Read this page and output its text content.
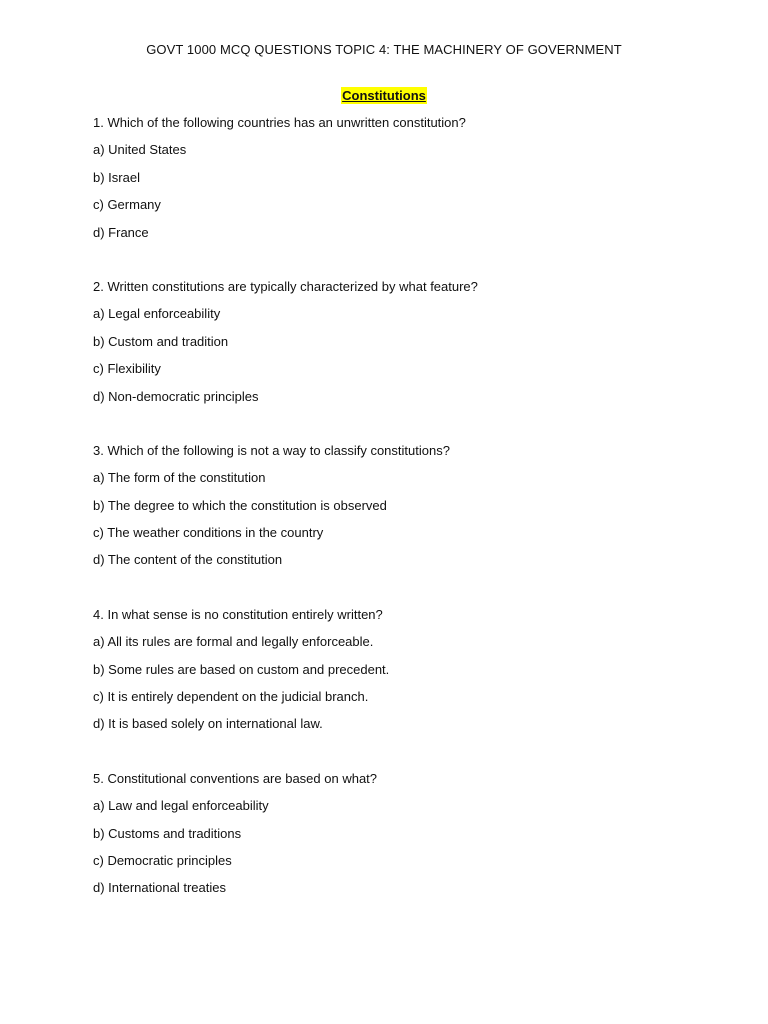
GOVT 1000 MCQ QUESTIONS TOPIC 4: THE MACHINERY OF GOVERNMENT
Constitutions
1. Which of the following countries has an unwritten constitution?
a) United States
b) Israel
c) Germany
d) France
2. Written constitutions are typically characterized by what feature?
a) Legal enforceability
b) Custom and tradition
c) Flexibility
d) Non-democratic principles
3. Which of the following is not a way to classify constitutions?
a) The form of the constitution
b) The degree to which the constitution is observed
c) The weather conditions in the country
d) The content of the constitution
4. In what sense is no constitution entirely written?
a) All its rules are formal and legally enforceable.
b) Some rules are based on custom and precedent.
c) It is entirely dependent on the judicial branch.
d) It is based solely on international law.
5. Constitutional conventions are based on what?
a) Law and legal enforceability
b) Customs and traditions
c) Democratic principles
d) International treaties
